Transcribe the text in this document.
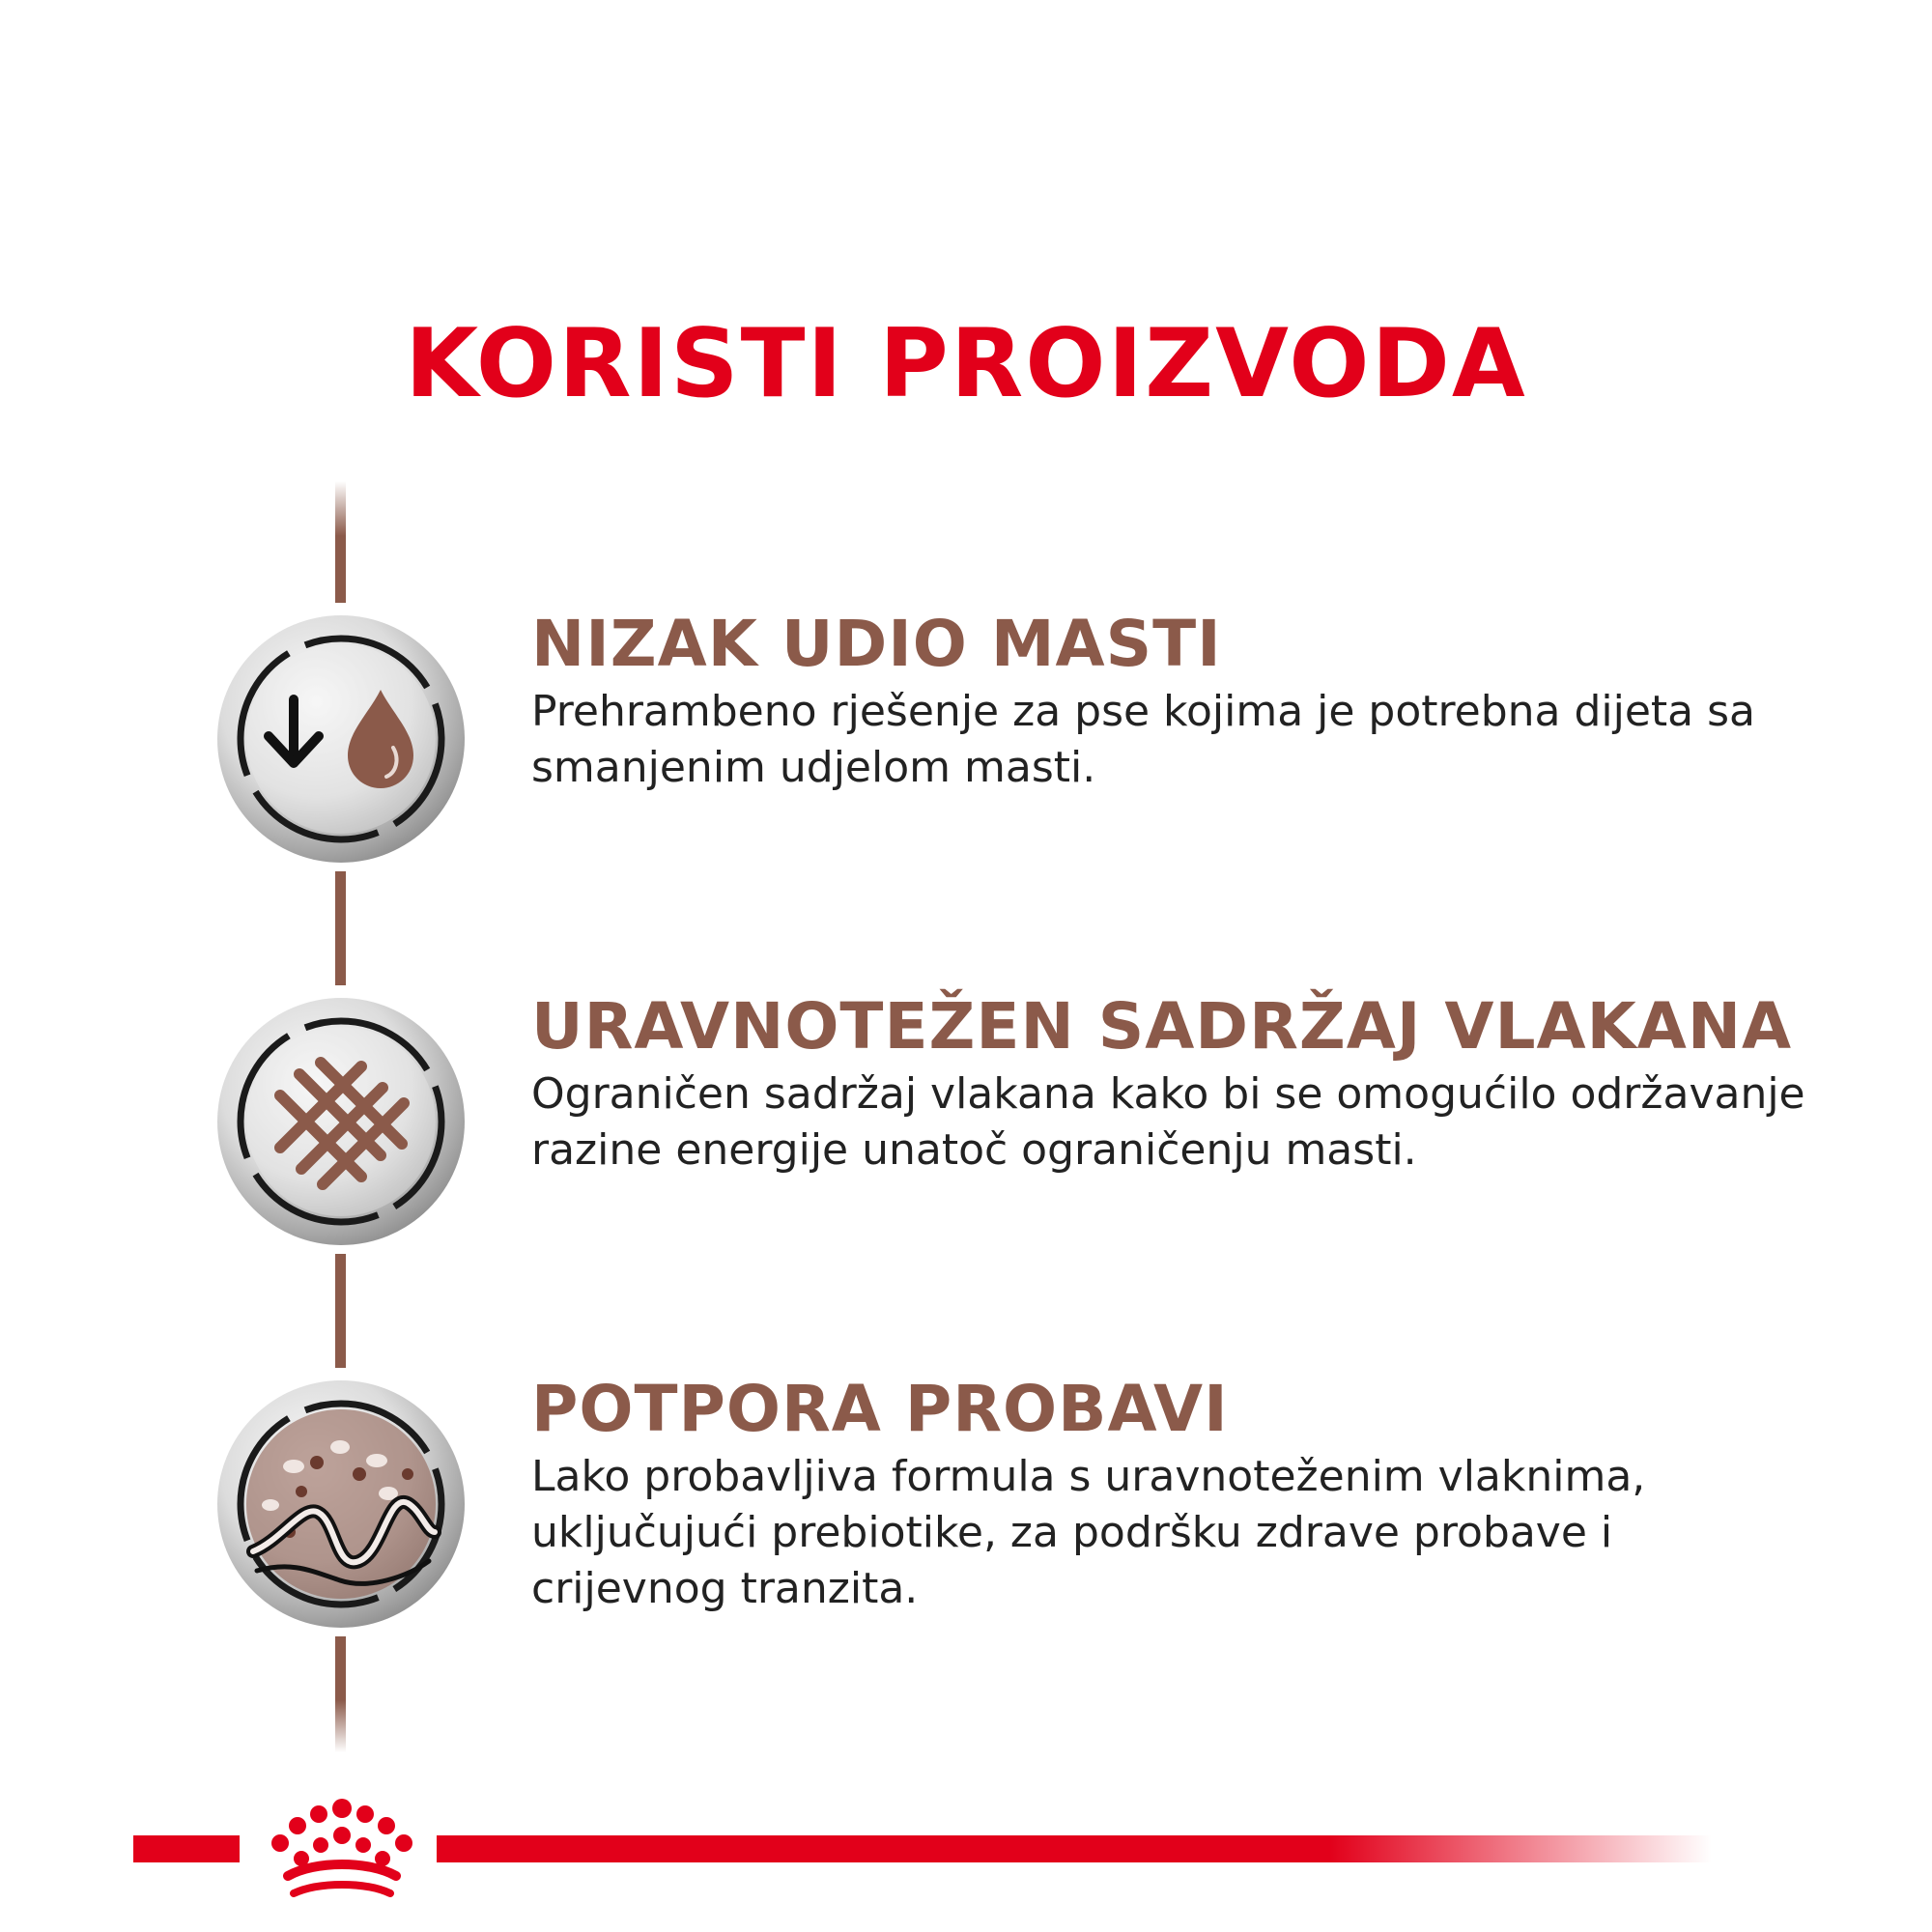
KORISTI PROIZVODA
NIZAK UDIO MASTI
Prehrambeno rješenje za pse kojima je potrebna dijeta sa smanjenim udjelom masti.
URAVNOTEŽEN SADRŽAJ VLAKANA
Ograničen sadržaj vlakana kako bi se omogućilo održavanje razine energije unatoč ograničenju masti.
POTPORA PROBAVI
Lako probavljiva formula s uravnoteženim vlaknima, uključujući prebiotike, za podršku zdrave probave i crijevnog tranzita.
